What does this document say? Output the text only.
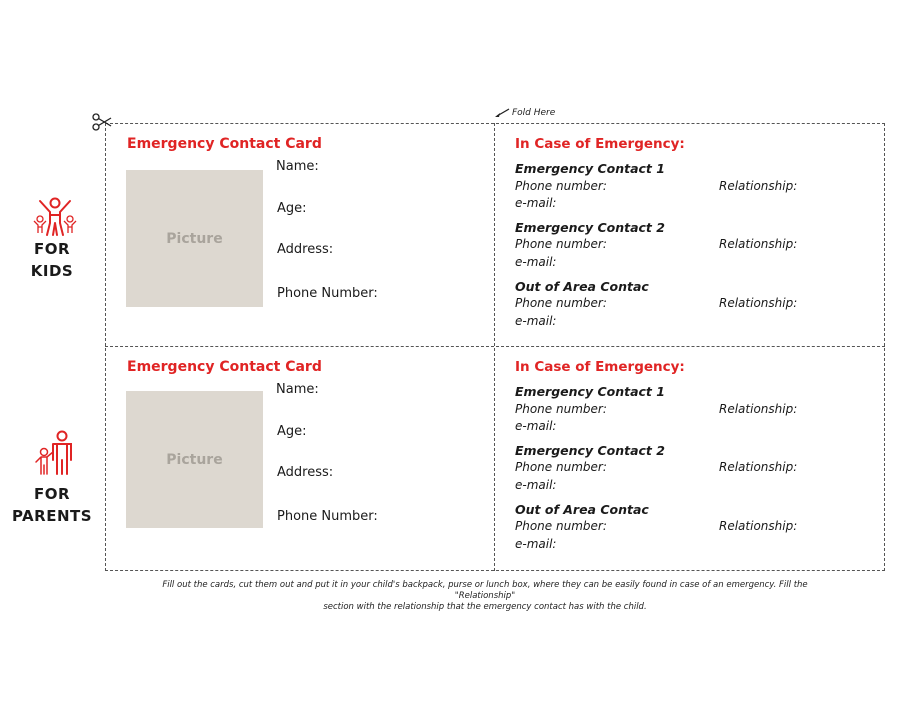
Fold Here
FOR
KIDS
FOR
PARENTS
Emergency Contact Card
Picture
Name:
Age:
Address:
Phone Number:
In Case of Emergency:
Emergency Contact 1
Phone number:	Relationship:
e-mail:
Emergency Contact 2
Phone number:	Relationship:
e-mail:
Out of Area Contac
Phone number:	Relationship:
e-mail:
Emergency Contact Card
Picture
Name:
Age:
Address:
Phone Number:
In Case of Emergency:
Emergency Contact 1
Phone number:	Relationship:
e-mail:
Emergency Contact 2
Phone number:	Relationship:
e-mail:
Out of Area Contac
Phone number:	Relationship:
e-mail:
Fill out the cards, cut them out and put it in your child's backpack, purse or lunch box, where they can be easily found in case of an emergency. Fill the "Relationship"
section with the relationship that the emergency contact has with the child.
